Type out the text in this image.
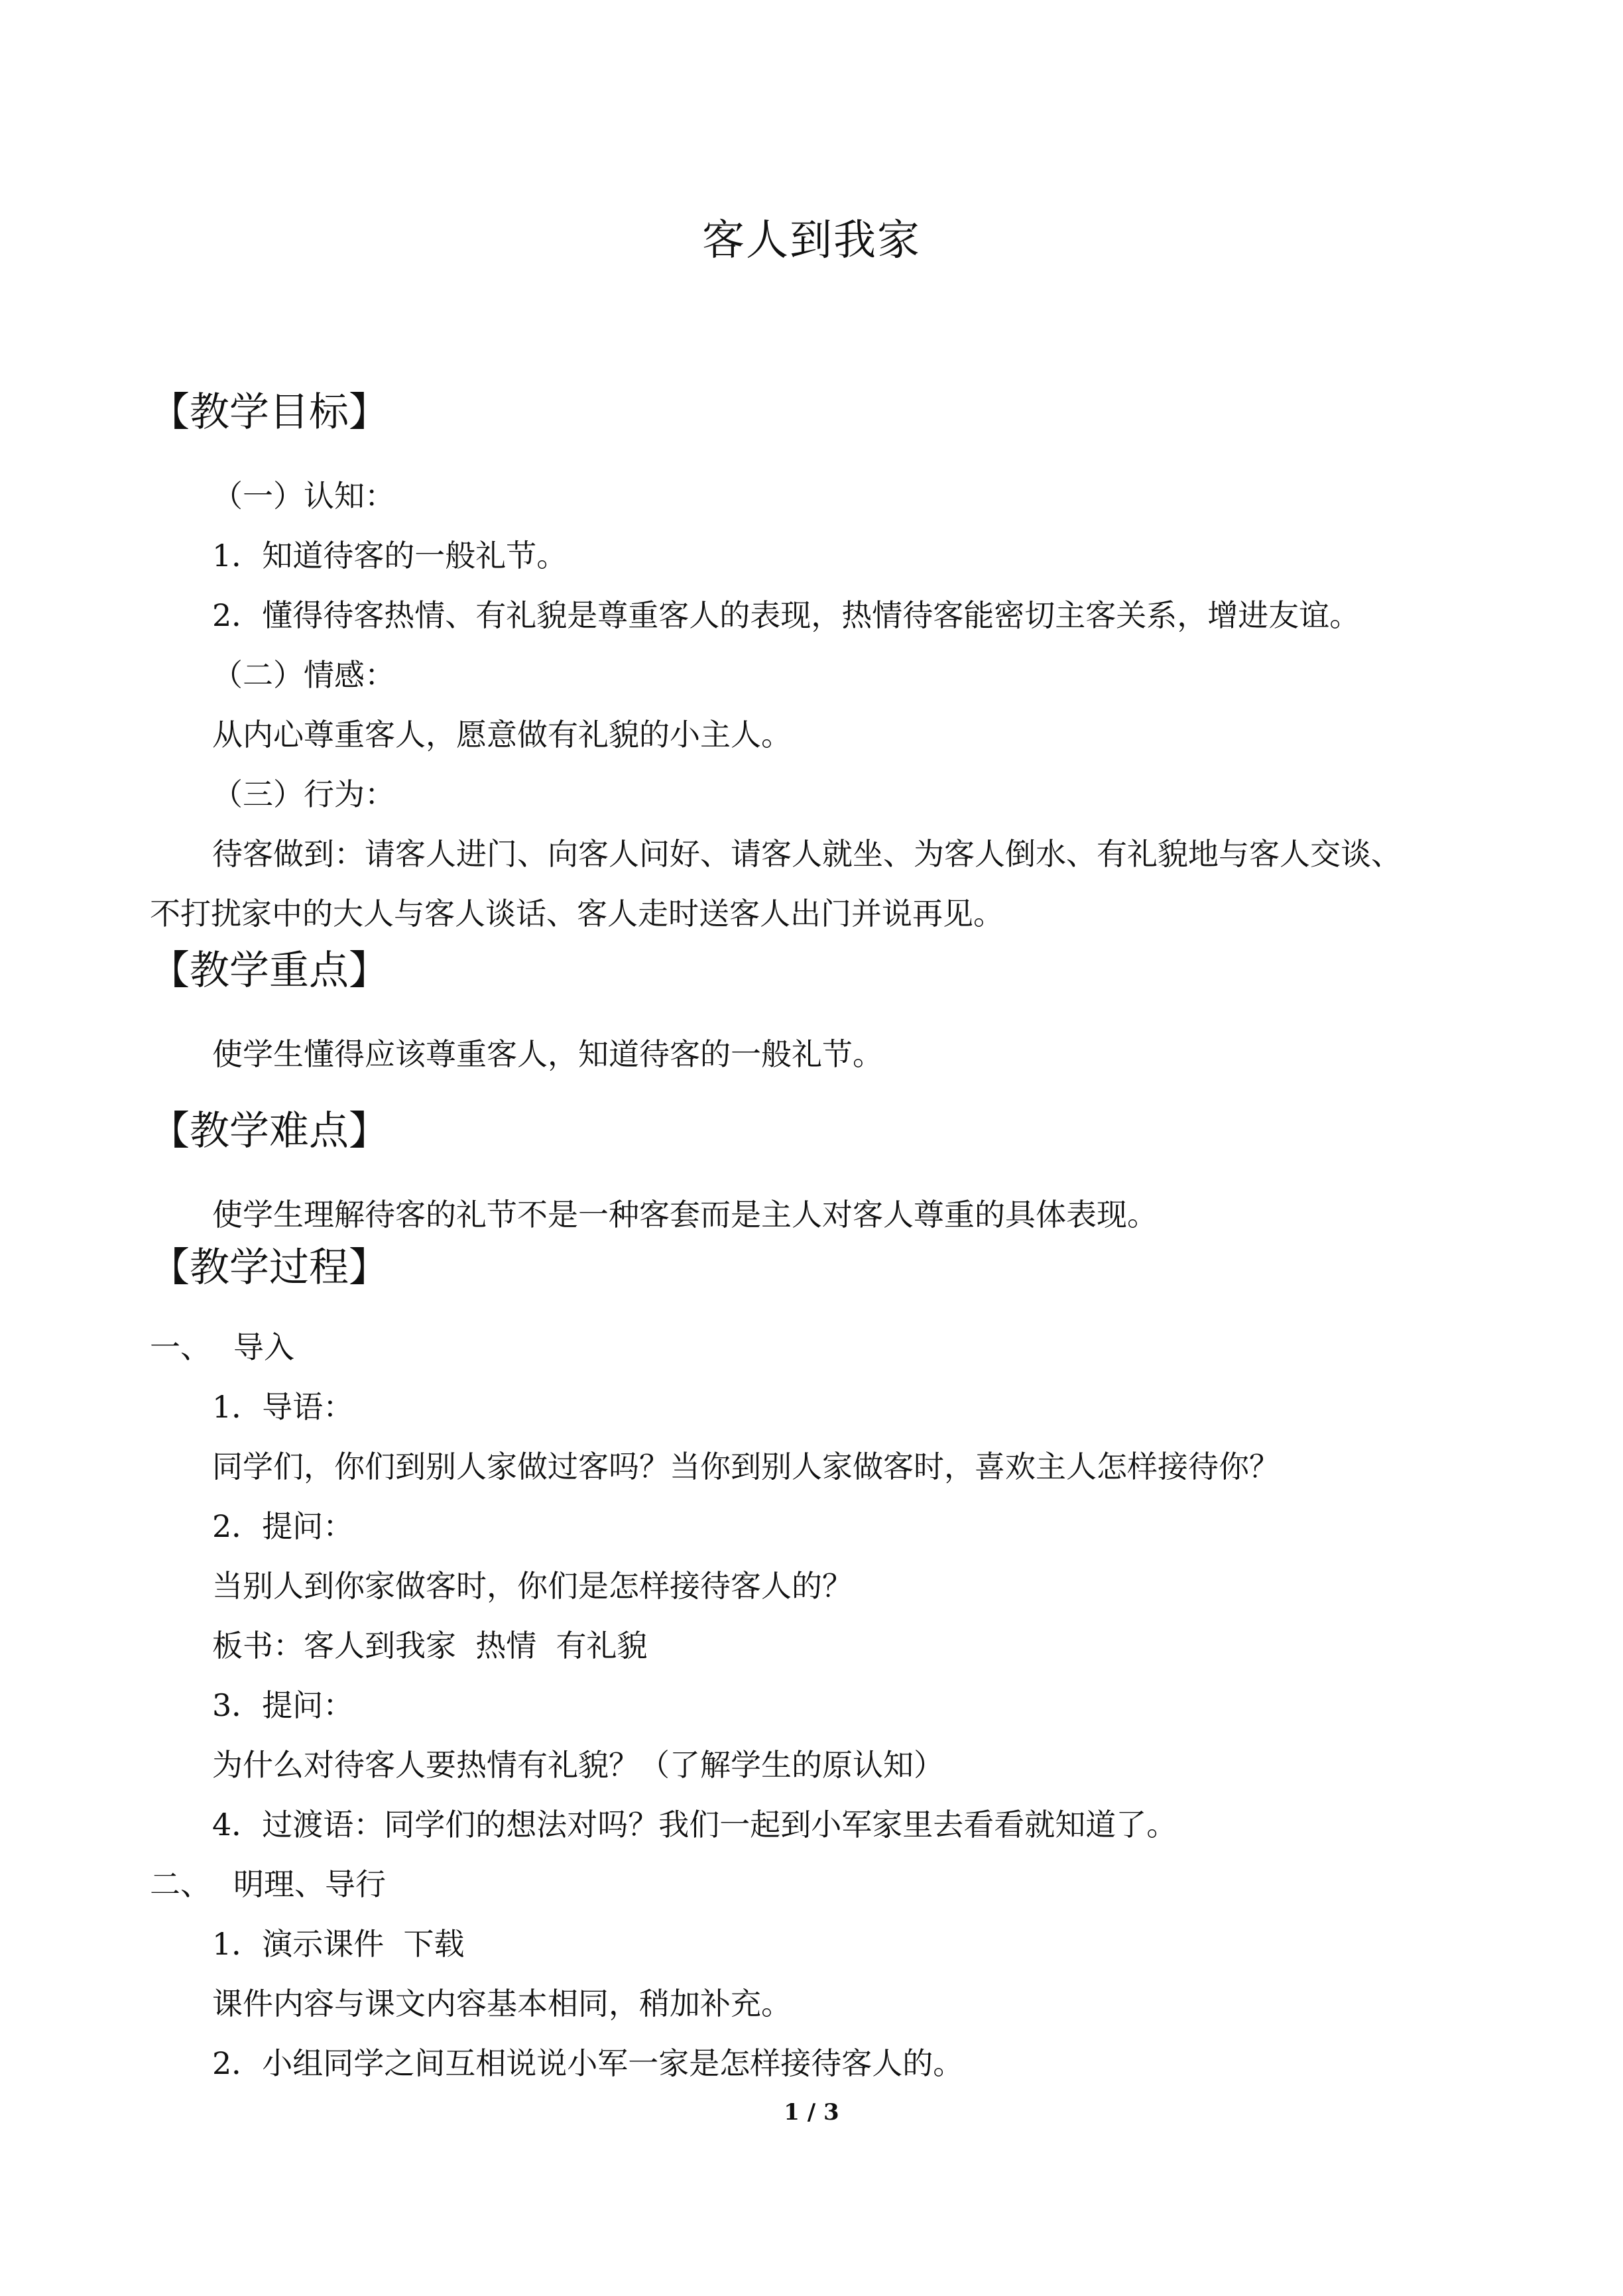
客人到我家
【教学目标】
（一）认知：
1．知道待客的一般礼节。
2．懂得待客热情、有礼貌是尊重客人的表现，热情待客能密切主客关系，增进友谊。
（二）情感：
从内心尊重客人，愿意做有礼貌的小主人。
（三）行为：
待客做到：请客人进门、向客人问好、请客人就坐、为客人倒水、有礼貌地与客人交谈、
不打扰家中的大人与客人谈话、客人走时送客人出门并说再见。
【教学重点】
使学生懂得应该尊重客人，知道待客的一般礼节。
【教学难点】
使学生理解待客的礼节不是一种客套而是主人对客人尊重的具体表现。
【教学过程】
一、 导入
1．导语：
同学们，你们到别人家做过客吗？当你到别人家做客时，喜欢主人怎样接待你？
2．提问：
当别人到你家做客时，你们是怎样接待客人的？
板书：客人到我家  热情  有礼貌
3．提问：
为什么对待客人要热情有礼貌？（了解学生的原认知）
4．过渡语：同学们的想法对吗？我们一起到小军家里去看看就知道了。
二、 明理、导行
1．演示课件  下载
课件内容与课文内容基本相同，稍加补充。
2．小组同学之间互相说说小军一家是怎样接待客人的。
1 / 3
